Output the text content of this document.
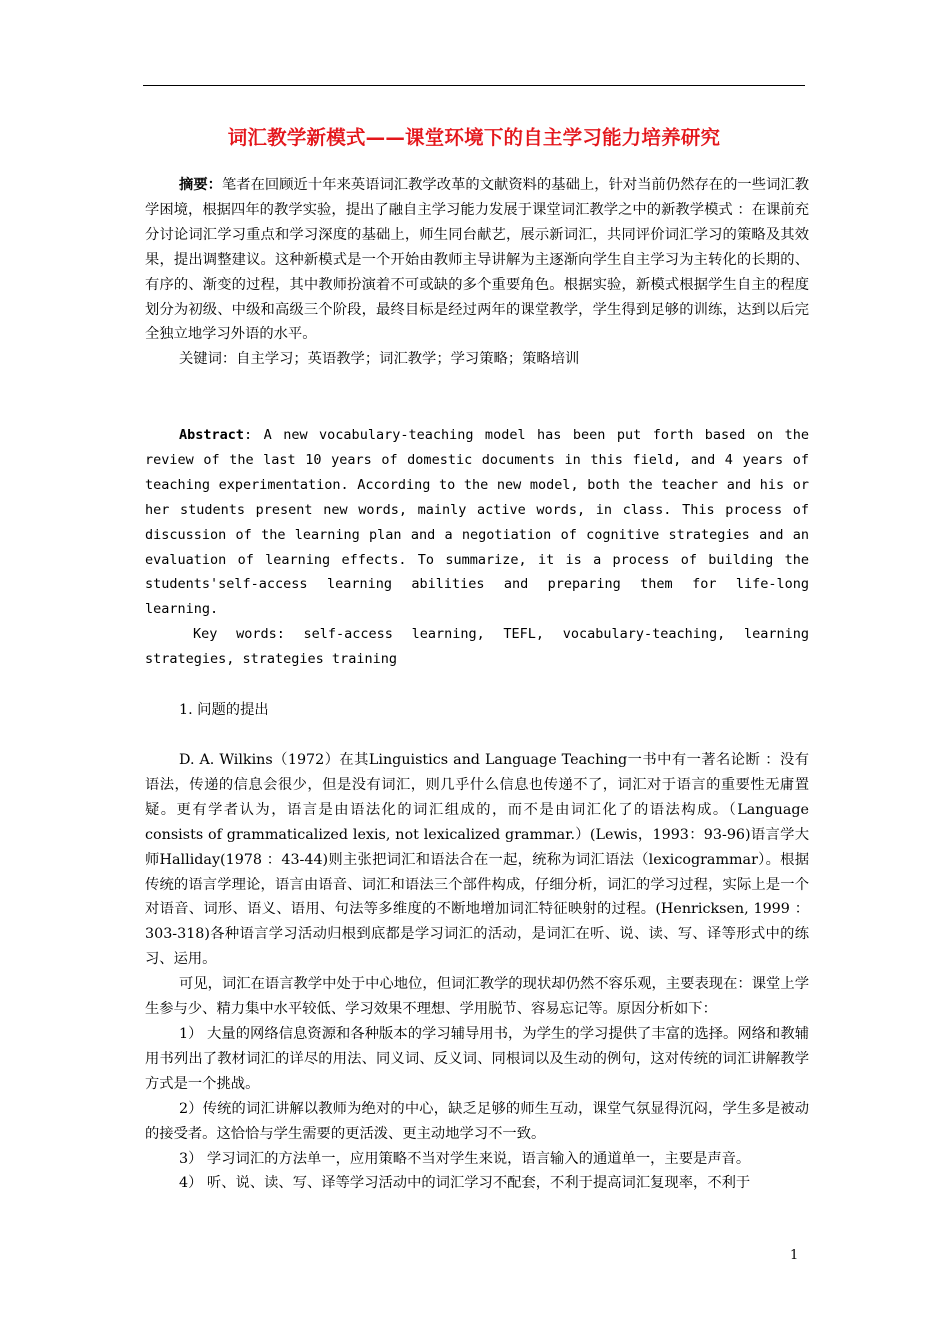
词汇教学新模式——课堂环境下的自主学习能力培养研究
摘要：笔者在回顾近十年来英语词汇教学改革的文献资料的基础上，针对当前仍然存在的一些词汇教学困境，根据四年的教学实验，提出了融自主学习能力发展于课堂词汇教学之中的新教学模式 ：在课前充分讨论词汇学习重点和学习深度的基础上，师生同台献艺，展示新词汇，共同评价词汇学习的策略及其效果，提出调整建议。这种新模式是一个开始由教师主导讲解为主逐渐向学生自主学习为主转化的长期的、有序的、渐变的过程，其中教师扮演着不可或缺的多个重要角色。根据实验，新模式根据学生自主的程度划分为初级、中级和高级三个阶段，最终目标是经过两年的课堂教学，学生得到足够的训练，达到以后完全独立地学习外语的水平。
关键词：自主学习；英语教学；词汇教学；学习策略；策略培训
Abstract: A new vocabulary-teaching model has been put forth based on the review of the last 10 years of domestic documents in this field, and 4 years of teaching experimentation. According to the new model, both the teacher and his or her students present new words, mainly active words, in class. This process of discussion of the learning plan and a negotiation of cognitive strategies and an evaluation of learning effects. To summarize, it is a process of building the students'self-access learning abilities and preparing them for life-long learning.
Key words: self-access learning, TEFL, vocabulary-teaching, learning strategies, strategies training
1. 问题的提出
D. A. Wilkins（1972）在其Linguistics and Language Teaching一书中有一著名论断 ：没有语法，传递的信息会很少，但是没有词汇，则几乎什么信息也传递不了，词汇对于语言的重要性无庸置疑。更有学者认为，语言是由语法化的词汇组成的，而不是由词汇化了的语法构成。（Language consists of grammaticalized lexis, not lexicalized grammar.）(Lewis，1993：93-96)语言学大师Halliday(1978 ：43-44)则主张把词汇和语法合在一起，统称为词汇语法（lexicogrammar）。根据传统的语言学理论，语言由语音、词汇和语法三个部件构成，仔细分析，词汇的学习过程，实际上是一个对语音、词形、语义、语用、句法等多维度的不断地增加词汇特征映射的过程。(Henricksen, 1999 ：303-318)各种语言学习活动归根到底都是学习词汇的活动，是词汇在听、说、读、写、译等形式中的练习、运用。
可见，词汇在语言教学中处于中心地位，但词汇教学的现状却仍然不容乐观，主要表现在：课堂上学生参与少、精力集中水平较低、学习效果不理想、学用脱节、容易忘记等。原因分析如下：
1） 大量的网络信息资源和各种版本的学习辅导用书，为学生的学习提供了丰富的选择。网络和教辅用书列出了教材词汇的详尽的用法、同义词、反义词、同根词以及生动的例句，这对传统的词汇讲解教学方式是一个挑战。
2）传统的词汇讲解以教师为绝对的中心，缺乏足够的师生互动，课堂气氛显得沉闷，学生多是被动的接受者。这恰恰与学生需要的更活泼、更主动地学习不一致。
3） 学习词汇的方法单一，应用策略不当对学生来说，语言输入的通道单一，主要是声音。
4） 听、说、读、写、译等学习活动中的词汇学习不配套，不利于提高词汇复现率，不利于
1
